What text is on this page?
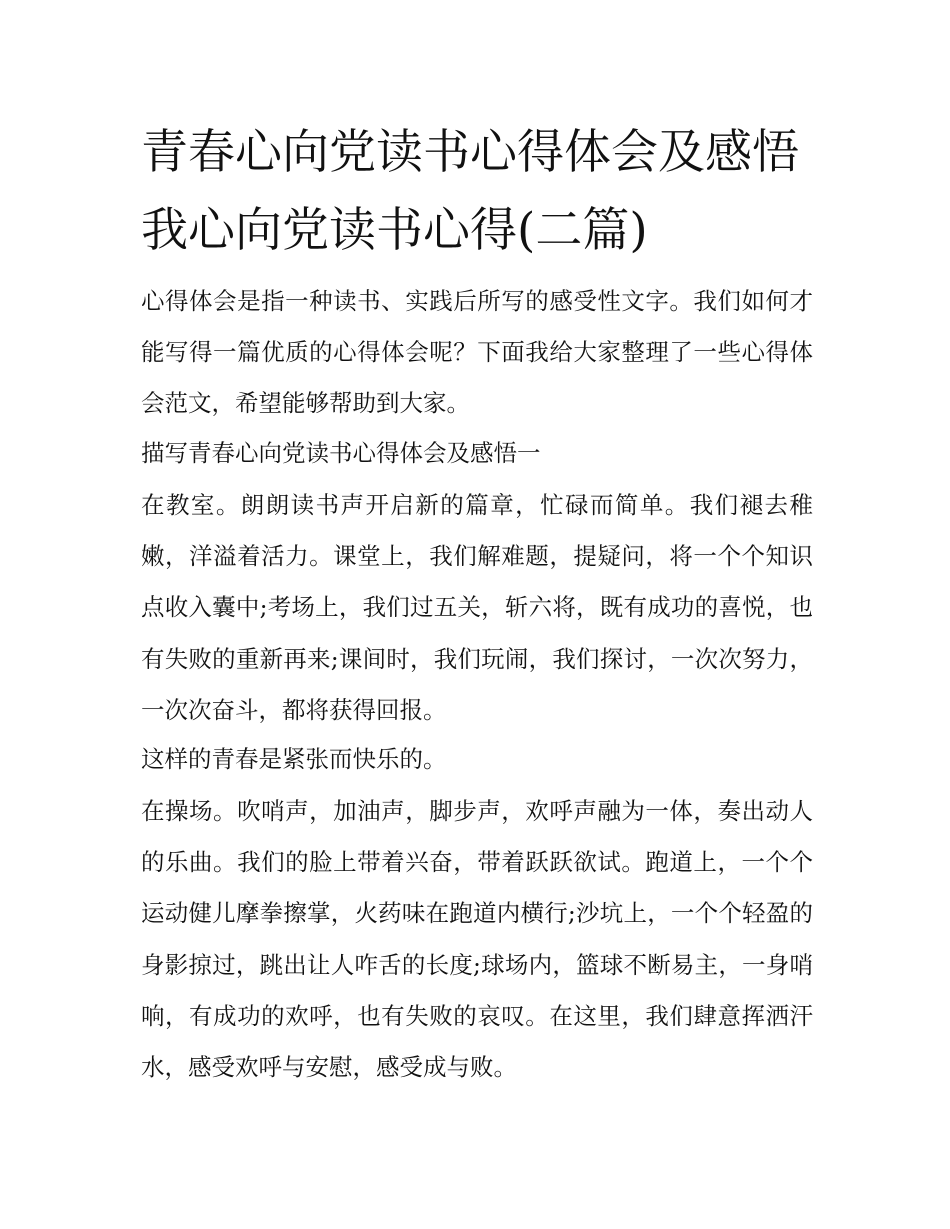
青春心向党读书心得体会及感悟 我心向党读书心得(二篇)

心得体会是指一种读书、实践后所写的感受性文字。我们如何才能写得一篇优质的心得体会呢？下面我给大家整理了一些心得体会范文，希望能够帮助到大家。

描写青春心向党读书心得体会及感悟一

在教室。朗朗读书声开启新的篇章，忙碌而简单。我们褪去稚嫩，洋溢着活力。课堂上，我们解难题，提疑问，将一个个知识点收入囊中;考场上，我们过五关，斩六将，既有成功的喜悦，也有失败的重新再来;课间时，我们玩闹，我们探讨，一次次努力，一次次奋斗，都将获得回报。

这样的青春是紧张而快乐的。

在操场。吹哨声，加油声，脚步声，欢呼声融为一体，奏出动人的乐曲。我们的脸上带着兴奋，带着跃跃欲试。跑道上，一个个运动健儿摩拳擦掌，火药味在跑道内横行;沙坑上，一个个轻盈的身影掠过，跳出让人咋舌的长度;球场内，篮球不断易主，一身哨响，有成功的欢呼，也有失败的哀叹。在这里，我们肆意挥洒汗水，感受欢呼与安慰，感受成与败。
